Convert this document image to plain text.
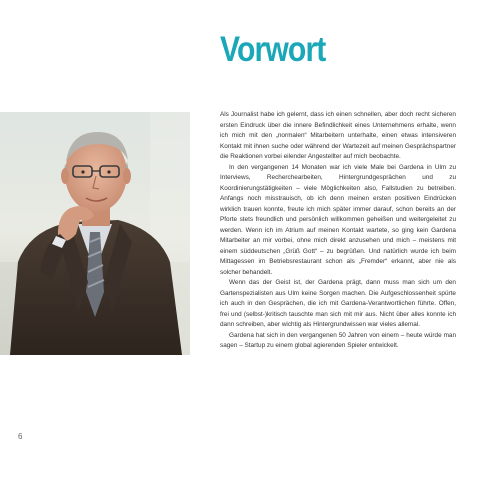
Vorwort

Als Journalist habe ich gelernt, dass ich einen schnellen, aber doch recht sicheren ersten Eindruck über die innere Befindlichkeit eines Unternehmens erhalte, wenn ich mich mit den „normalen“ Mitarbeitern unterhalte, einen etwas intensiveren Kontakt mit ihnen suche oder während der Wartezeit auf meinen Gesprächspartner die Reaktionen vorbei eilender Angestellter auf mich beobachte.

In den vergangenen 14 Monaten war ich viele Male bei Gardena in Ulm zu Interviews, Recherchearbeiten, Hintergrundgesprächen und zu Koordinierungstätigkeiten – viele Möglichkeiten also, Fallstudien zu betreiben. Anfangs noch misstrauisch, ob ich denn meinen ersten positiven Eindrücken wirklich trauen konnte, freute ich mich später immer darauf, schon bereits an der Pforte stets freundlich und persönlich willkommen geheißen und weitergeleitet zu werden. Wenn ich im Atrium auf meinen Kontakt wartete, so ging kein Gardena Mitarbeiter an mir vorbei, ohne mich direkt anzusehen und mich – meistens mit einem süddeutschen „Grüß Gott“ – zu begrüßen. Und natürlich wurde ich beim Mittagessen im Betriebsrestaurant schon als „Fremder“ erkannt, aber nie als solcher behandelt.

Wenn das der Geist ist, der Gardena prägt, dann muss man sich um den Gartenspezialisten aus Ulm keine Sorgen machen. Die Aufgeschlossenheit spürte ich auch in den Gesprächen, die ich mit Gardena-Verantwortlichen führte. Offen, frei und (selbst-)kritisch tauschte man sich mit mir aus. Nicht über alles konnte ich dann schreiben, aber wichtig als Hintergrundwissen war vieles allemal.

Gardena hat sich in den vergangenen 50 Jahren von einem – heute würde man sagen – Startup zu einem global agierenden Spieler entwickelt.

6
